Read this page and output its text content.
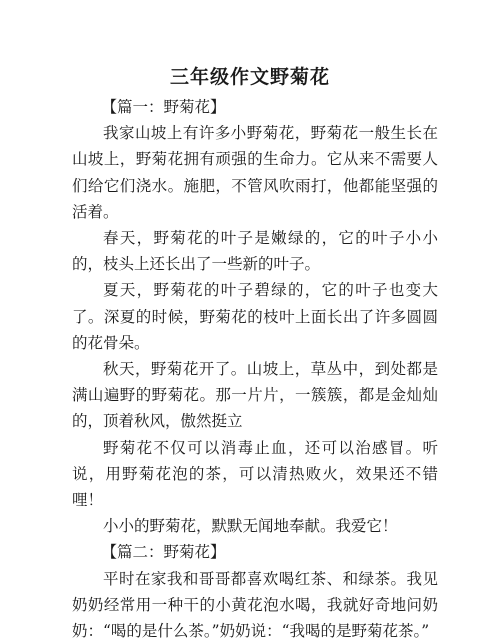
三年级作文野菊花

【篇一：野菊花】

我家山坡上有许多小野菊花，野菊花一般生长在山坡上，野菊花拥有顽强的生命力。它从来不需要人们给它们浇水。施肥，不管风吹雨打，他都能坚强的活着。

春天，野菊花的叶子是嫩绿的，它的叶子小小的，枝头上还长出了一些新的叶子。

夏天，野菊花的叶子碧绿的，它的叶子也变大了。深夏的时候，野菊花的枝叶上面长出了许多圆圆的花骨朵。

秋天，野菊花开了。山坡上，草丛中，到处都是满山遍野的野菊花。那一片片，一簇簇，都是金灿灿的，顶着秋风，傲然挺立

野菊花不仅可以消毒止血，还可以治感冒。听说，用野菊花泡的茶，可以清热败火，效果还不错哩！

小小的野菊花，默默无闻地奉献。我爱它！

【篇二：野菊花】

平时在家我和哥哥都喜欢喝红茶、和绿茶。我见奶奶经常用一种干的小黄花泡水喝，我就好奇地问奶奶：“喝的是什么茶。”奶奶说：“我喝的是野菊花茶。”
